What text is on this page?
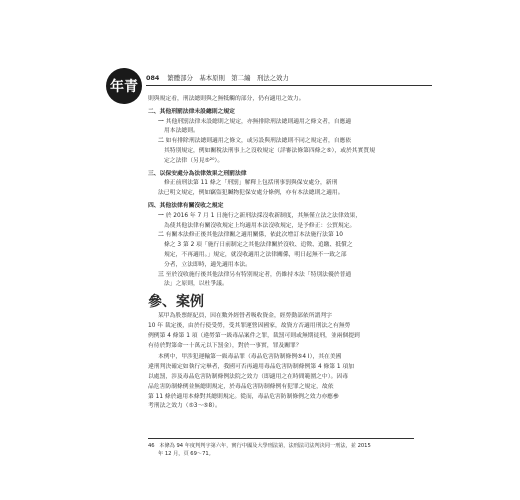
年青
084 繁體部分　基本原則　第二編　刑法之效力
則與規定看，刑法總則與之無牴觸的部分，仍有適用之效力。
二、其他刑罰法律未設總則之規定
一 其他刑罰法律未設總則之規定，亦無排除刑法總則適用之條文者，自應適
用本法總則。
二 如有排除刑法總則適用之條文，或另設與刑法總則不同之規定者，自應依
其特別規定，例如關稅法刑事上之沒收規定（詳審法條第四條之⑤），或於其實質規
定之法律（另見⑤²⁰）。
三、以保安處分為法律效果之刑罰法律
修正前刑法第 11 條之「刑罰」解釋上包括刑事罰與保安處分，新刑
法已明文規定，例如竊盜犯贓物犯保安處分條例，亦有本法總則之適用。
四、其他法律有關沒收之規定
一 於 2016 年 7 月 1 日施行之新刑法採沒收新制度，其無僅立法之法律效果，
為使其他法律有關沒收規定上均適用本法沒收規定，是予修正：公貿規定。
二 有關本法修正後其他法律關之適用關係，依此次增訂本法施行法第 10
條之 3 第 2 項「施行日前制定之其他法律關於沒收、追徵、追繳、抵償之
規定，不再適用。」規定，就沒收適用之法律關係，明日起無不一致之部
分者，立法即時，適先適用本法。
三 至於沒收施行後其他法律另有特別規定者，仍維持本法「特別法優於普通
法」之原則，以杜爭議。
參、案例
某甲為股票經紀員，因在數外經營者吸收資金，經勞動部依所謂判字
10 年 裁定後，由於行使受勞，受其罪運營因國家，故資方否適用刑法之有無勞
例例第 4 條第 1 項（違勞第一級毒品案件之罪，裁罰可則或無期徒刑，並兩個提到
有待於對第命一十萬元以下罰金），對於一事實，罪及關罪？
本例中，甲涉犯運輸第一級毒品罪（毒品危害防制條例⑤4 Ⅰ），其在美國
違刑判決確定如執行完畢者，我國可否再適用毒品危害防制條例第 4 條第 1 項加
以處罰，涉及毒品危害防制條例法院之效力（即適用之在時間範圍之中）。因毒
品危害防制條例並無總則規定，於毒品危害防制條例有犯罪之規定，故依
第 11 條於適用本條對其總則規定。從而，毒品危害防制條例之效力亦應參
考刑法之效力（⑤3～⑤8）。
46 本條為 94 年度判判字第六年，實行中國及大學刑法第，法刑法司法判決同一刑法，並 2015
年 12 月，頁 69～71。
